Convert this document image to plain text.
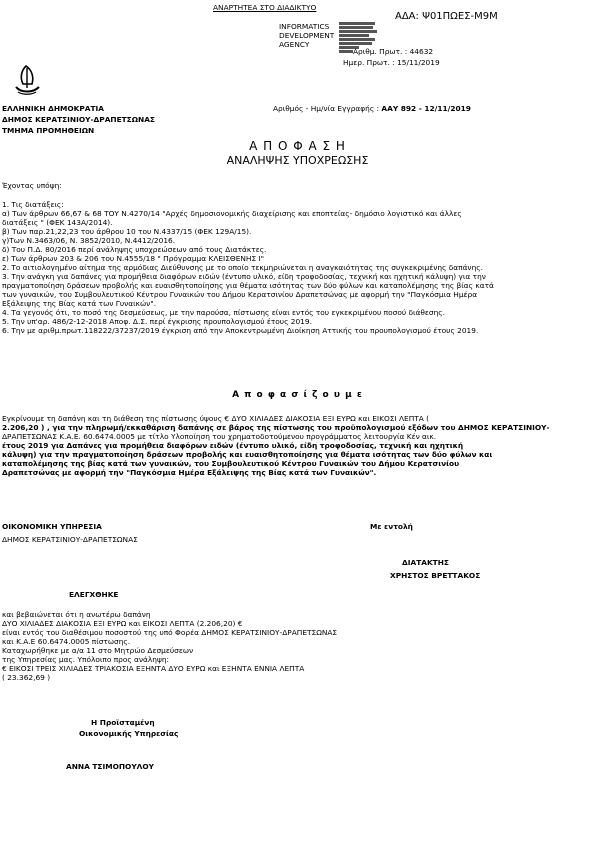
ΑΝΑΡΤΗΤΕΑ ΣΤΟ ΔΙΑΔΙΚΤΥΟ
ΑΔΑ: Ψ01ΠΩΕΣ-Μ9Μ
INFORMATICS
DEVELOPMENT
AGENCY
Αριθμ. Πρωτ. : 44632
Ημερ. Πρωτ. : 15/11/2019
ΕΛΛΗΝΙΚΗ ΔΗΜΟΚΡΑΤΙΑ
ΔΗΜΟΣ ΚΕΡΑΤΣΙΝΙΟΥ-ΔΡΑΠΕΤΣΩΝΑΣ
ΤΜΗΜΑ ΠΡΟΜΗΘΕΙΩΝ
Αριθμός - Ημ/νία Εγγραφής : ΑΑΥ 892 - 12/11/2019
Α Π Ο Φ Α Σ Η
ΑΝΑΛΗΨΗΣ ΥΠΟΧΡΕΩΣΗΣ
Έχοντας υπόψη:
1. Τις διατάξεις:
α) Των άρθρων 66,67 & 68 ΤΟΥ Ν.4270/14 "Αρχές δημοσιονομικής διαχείρισης και εποπτείας- δημόσιο λογιστικό και άλλες
διατάξεις " (ΦΕΚ 143Α/2014).
β) Των παρ.21,22,23 του άρθρου 10 του Ν.4337/15 (ΦΕΚ 129Α/15).
γ)Των Ν.3463/06, Ν. 3852/2010, Ν.4412/2016.
δ) Του Π.Δ. 80/2016 περί ανάληψης υποχρεώσεων από τους Διατάκτες.
ε) Των άρθρων 203 & 206 του Ν.4555/18 " Πρόγραμμα ΚΛΕΙΣΘΕΝΗΣ Ι"
2. Το αιτιολογημένο αίτημα της αρμόδιας Διεύθυνσης με το οποίο τεκμηριώνεται η αναγκαιότητας της συγκεκριμένης δαπάνης.
3. Την ανάγκη για δαπάνες για προμήθεια διαφόρων ειδών (έντυπο υλικό, είδη τροφοδοσίας, τεχνική και ηχητική κάλυψη) για την
πραγματοποίηση δράσεων προβολής και ευαισθητοποίησης για θέματα ισότητας των δύο φύλων και καταπολέμησης της βίας κατά
των γυναικών, του Συμβουλευτικού Κέντρου Γυναικών του Δήμου Κερατσινίου Δραπετσώνας με αφορμή την "Παγκόσμια Ημέρα
Εξάλειψης της Βίας κατά των Γυναικών".
4. Τα γεγονός ότι, το ποσό της δεσμεύσεως, με την παρούσα, πίστωσης είναι εντός του εγκεκριμένου ποσού διάθεσης.
5. Την υπ'αρ. 486/2-12-2018 Αποφ. Δ.Σ. περί έγκρισης προυπολογισμού έτους 2019.
6. Την με αριθμ.πρωτ.118222/37237/2019 έγκριση από την Αποκεντρωμένη Διοίκηση Αττικής του προυπολογισμού έτους 2019.
Α π ο φ α σ ί ζ ο υ μ ε
Εγκρίνουμε τη δαπάνη και τη διάθεση της πίστωσης ύψους € ΔΥΟ ΧΙΛΙΑΔΕΣ ΔΙΑΚΟΣΙΑ ΕΞΙ ΕΥΡΩ και ΕΙΚΟΣΙ ΛΕΠΤΑ (
2.206,20 ) , για την πληρωμή/εκκαθάριση δαπάνης σε βάρος της πίστωσης του προϋπολογισμού εξόδων του ΔΗΜΟΣ ΚΕΡΑΤΣΙΝΙΟΥ-
ΔΡΑΠΕΤΣΩΝΑΣ Κ.Α.Ε. 60.6474.0005 με τίτλο Υλοποίηση του χρηματοδοτούμενου προγράμματος λειτουργία Κέν αικ.
έτους 2019 για Δαπάνες για προμήθεια διαφόρων ειδών (έντυπο υλικό, είδη τροφοδοσίας, τεχνική και ηχητική
κάλυψη) για την πραγματοποίηση δράσεων προβολής και ευαισθητοποίησης για θέματα ισότητας των δύο φύλων και
καταπολέμησης της βίας κατά των γυναικών, του Συμβουλευτικού Κέντρου Γυναικών του Δήμου Κερατσινίου
Δραπετσώνας με αφορμή την "Παγκόσμια Ημέρα Εξάλειψης της Βίας κατά των Γυναικών".
ΟΙΚΟΝΟΜΙΚΗ ΥΠΗΡΕΣΙΑ
ΔΗΜΟΣ ΚΕΡΑΤΣΙΝΙΟΥ-ΔΡΑΠΕΤΣΩΝΑΣ
Με εντολή
ΔΙΑΤΑΚΤΗΣ
ΧΡΗΣΤΟΣ ΒΡΕΤΤΑΚΟΣ
ΕΛΕΓΧΘΗΚΕ
και βεβαιώνεται ότι η ανωτέρω δαπάνη
ΔΥΟ ΧΙΛΙΑΔΕΣ ΔΙΑΚΟΣΙΑ ΕΞΙ ΕΥΡΩ και ΕΙΚΟΣΙ ΛΕΠΤΑ (2.206,20) €
είναι εντός του διαθέσιμου ποσοστού της υπό Φορέα ΔΗΜΟΣ ΚΕΡΑΤΣΙΝΙΟΥ-ΔΡΑΠΕΤΣΩΝΑΣ
και Κ.Α.Ε 60.6474.0005 πίστωσης.
Καταχωρήθηκε με α/α 11 στο Μητρώο Δεσμεύσεων
της Υπηρεσίας μας. Υπόλοιπο προς ανάληψη:
€ ΕΙΚΟΣΙ ΤΡΕΙΣ ΧΙΛΙΑΔΕΣ ΤΡΙΑΚΟΣΙΑ ΕΞΗΝΤΑ ΔΥΟ ΕΥΡΩ και ΕΞΗΝΤΑ ΕΝΝΙΑ ΛΕΠΤΑ
( 23.362,69 )
Η Προϊσταμένη
Οικονομικής Υπηρεσίας
ΑΝΝΑ ΤΣΙΜΟΠΟΥΛΟΥ
